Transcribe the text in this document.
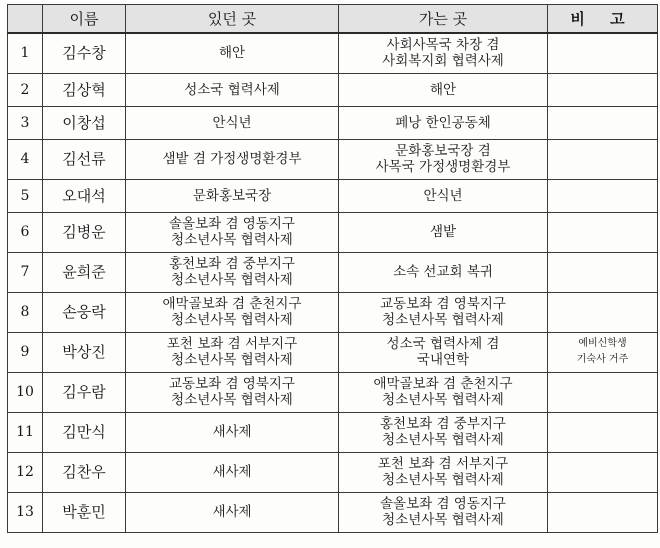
	이름	있던 곳	가는 곳	비 고
1	김수창	해안	사회사목국 차장 겸
사회복지회 협력사제	

2	김상혁	성소국 협력사제	해안	

3	이창섭	안식년	페낭 한인공동체	

4	김선류	샘밭 겸 가정생명환경부	문화홍보국장 겸
사목국 가정생명환경부	

5	오대석	문화홍보국장	안식년	

6	김병운	솔올보좌 겸 영동지구
청소년사목 협력사제	샘밭	

7	윤희준	홍천보좌 겸 중부지구
청소년사목 협력사제	소속 선교회 복귀	

8	손웅락	애막골보좌 겸 춘천지구
청소년사목 협력사제	교동보좌 겸 영북지구
청소년사목 협력사제	

9	박상진	포천 보좌 겸 서부지구
청소년사목 협력사제	성소국 협력사제 겸
국내연학	예비신학생
기숙사 거주

10	김우람	교동보좌 겸 영북지구
청소년사목 협력사제	애막골보좌 겸 춘천지구
청소년사목 협력사제	

11	김만식	새사제	홍천보좌 겸 중부지구
청소년사목 협력사제	

12	김찬우	새사제	포천 보좌 겸 서부지구
청소년사목 협력사제	

13	박훈민	새사제	솔올보좌 겸 영동지구
청소년사목 협력사제	
